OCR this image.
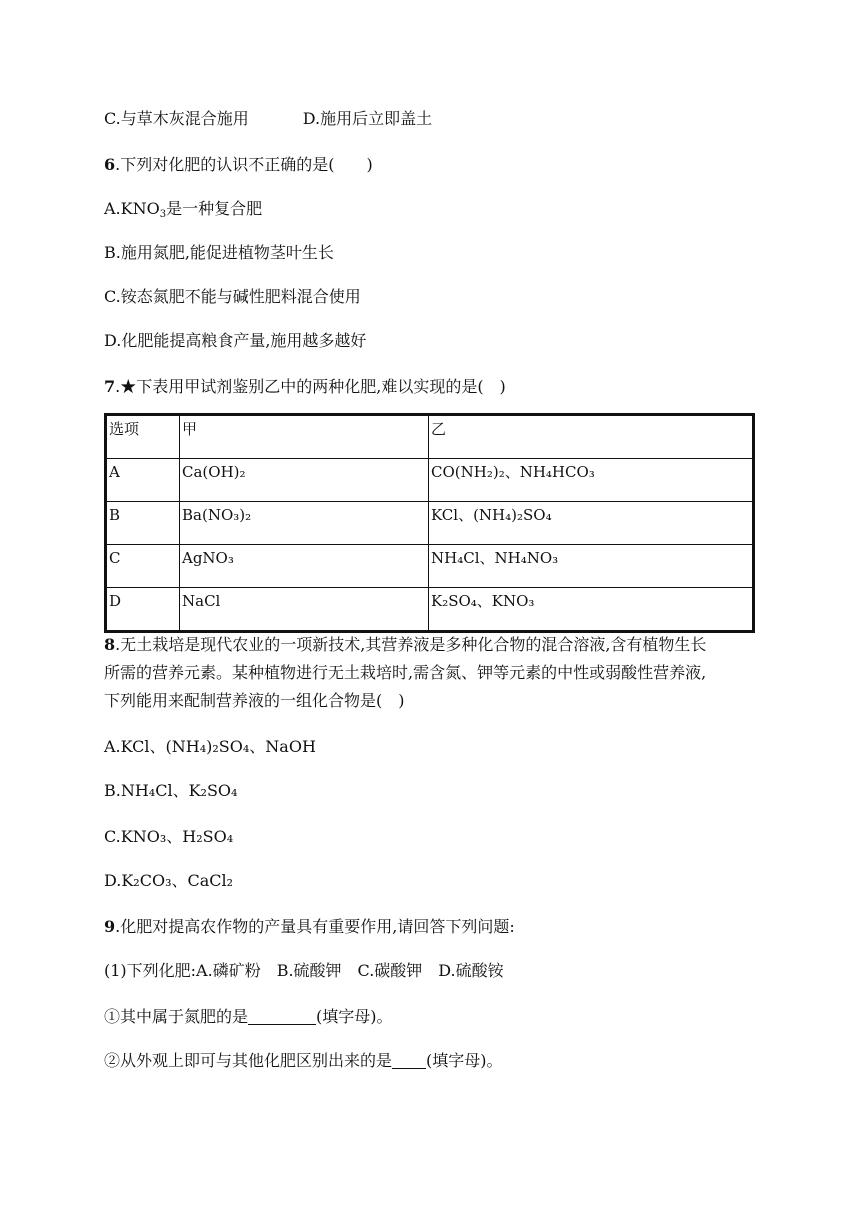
C.与草木灰混合施用	D.施用后立即盖土
6.下列对化肥的认识不正确的是(　　)
$A.KNO_3$是一种复合肥
B.施用氮肥,能促进植物茎叶生长
C.铵态氮肥不能与碱性肥料混合使用
D.化肥能提高粮食产量,施用越多越好
7.★下表用甲试剂鉴别乙中的两种化肥,难以实现的是(　)
选项	甲	乙
A	Ca(OH)₂	CO(NH₂)₂、NH₄HCO₃
B	Ba(NO₃)₂	KCl、(NH₄)₂SO₄
C	AgNO₃	NH₄Cl、NH₄NO₃
D	NaCl	K₂SO₄、KNO₃
8.无土栽培是现代农业的一项新技术,其营养液是多种化合物的混合溶液,含有植物生长
所需的营养元素。某种植物进行无土栽培时,需含氮、钾等元素的中性或弱酸性营养液,
下列能用来配制营养液的一组化合物是(　)
A.KCl、(NH₄)₂SO₄、NaOH
B.NH₄Cl、K₂SO₄
C.KNO₃、H₂SO₄
D.K₂CO₃、CaCl₂
9.化肥对提高农作物的产量具有重要作用,请回答下列问题:
(1)下列化肥:A.磷矿粉　B.硫酸钾　C.碳酸钾　D.硫酸铵
①其中属于氮肥的是	(填字母)。
②从外观上即可与其他化肥区别出来的是 (填字母)。
